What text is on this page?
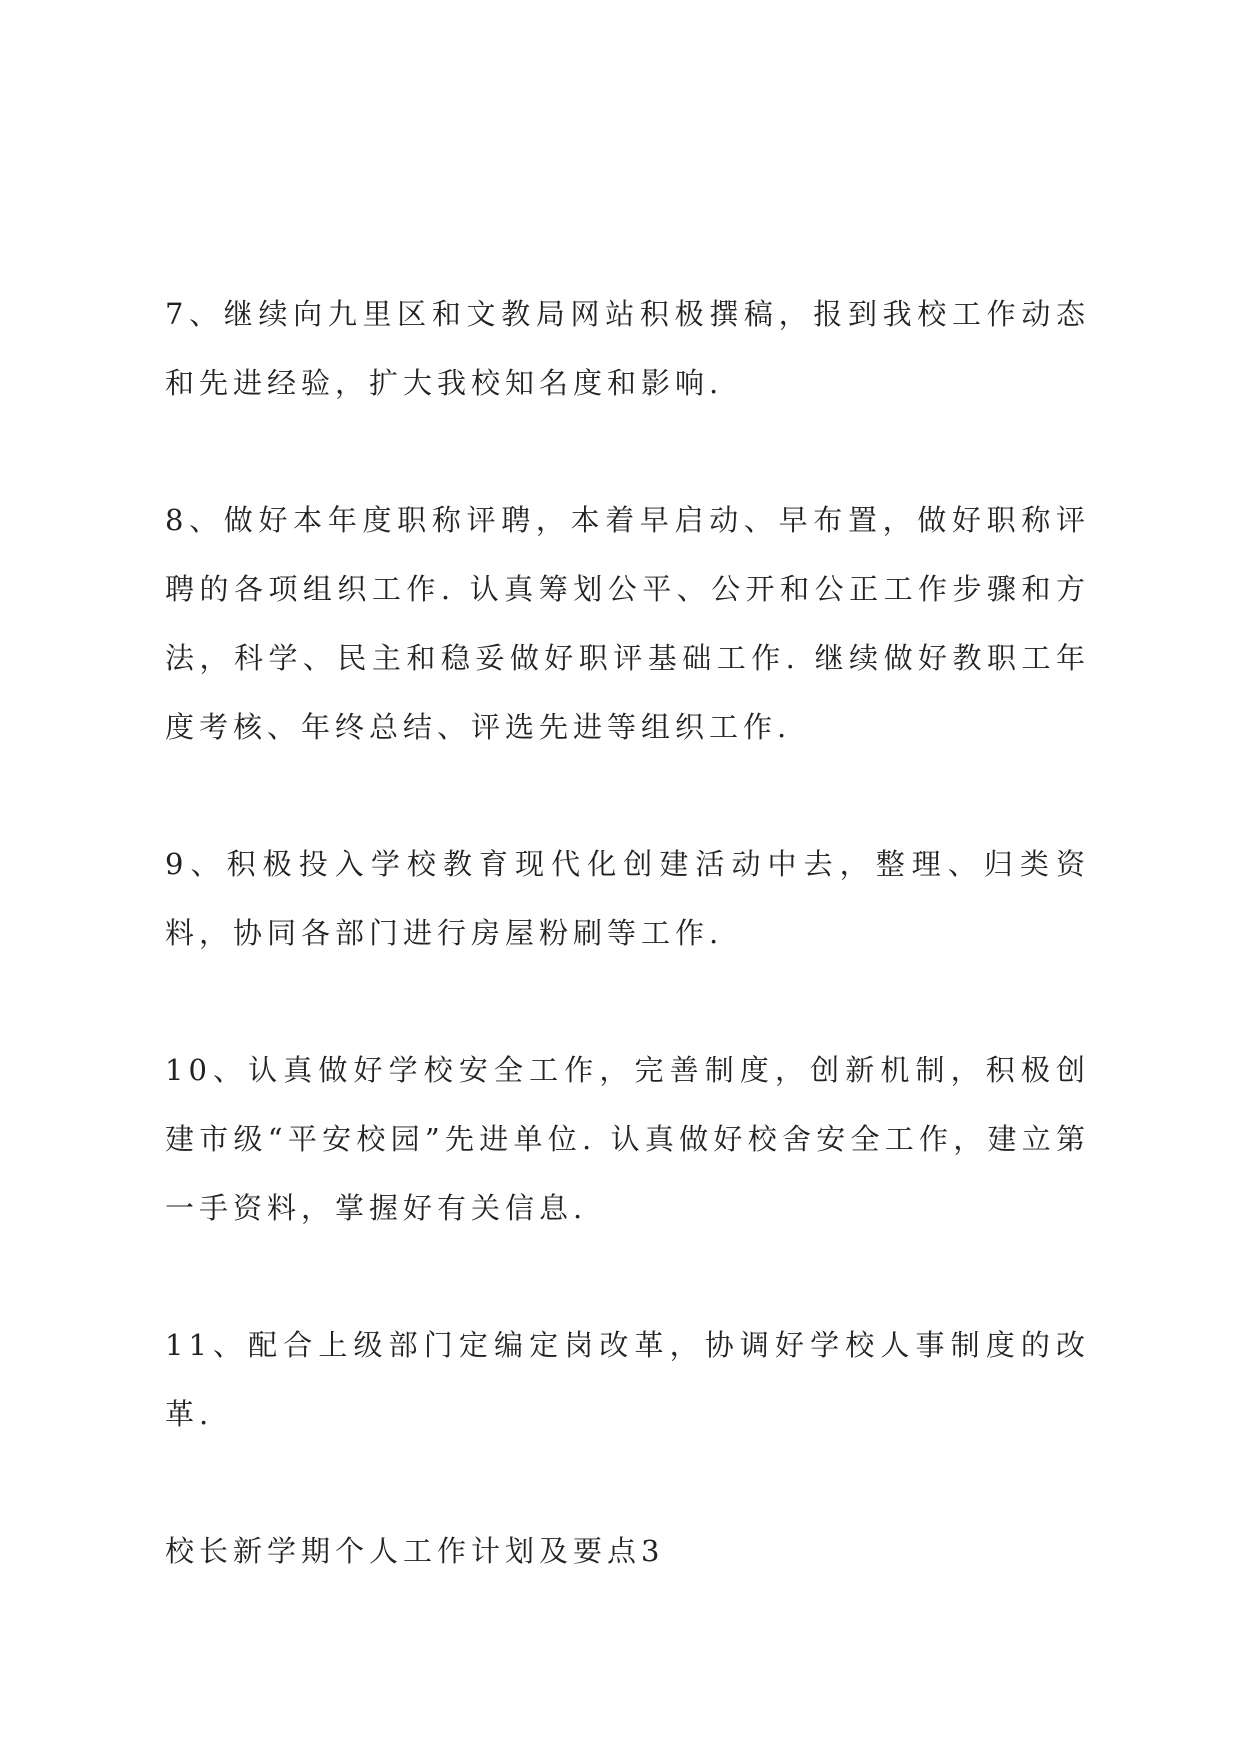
7、继续向九里区和文教局网站积极撰稿，报到我校工作动态和先进经验，扩大我校知名度和影响.

8、做好本年度职称评聘，本着早启动、早布置，做好职称评聘的各项组织工作. 认真筹划公平、公开和公正工作步骤和方法，科学、民主和稳妥做好职评基础工作. 继续做好教职工年度考核、年终总结、评选先进等组织工作.

9、积极投入学校教育现代化创建活动中去，整理、归类资料，协同各部门进行房屋粉刷等工作.

10、认真做好学校安全工作，完善制度，创新机制，积极创建市级“平安校园”先进单位. 认真做好校舍安全工作，建立第一手资料，掌握好有关信息.

11、配合上级部门定编定岗改革，协调好学校人事制度的改革.

校长新学期个人工作计划及要点3
